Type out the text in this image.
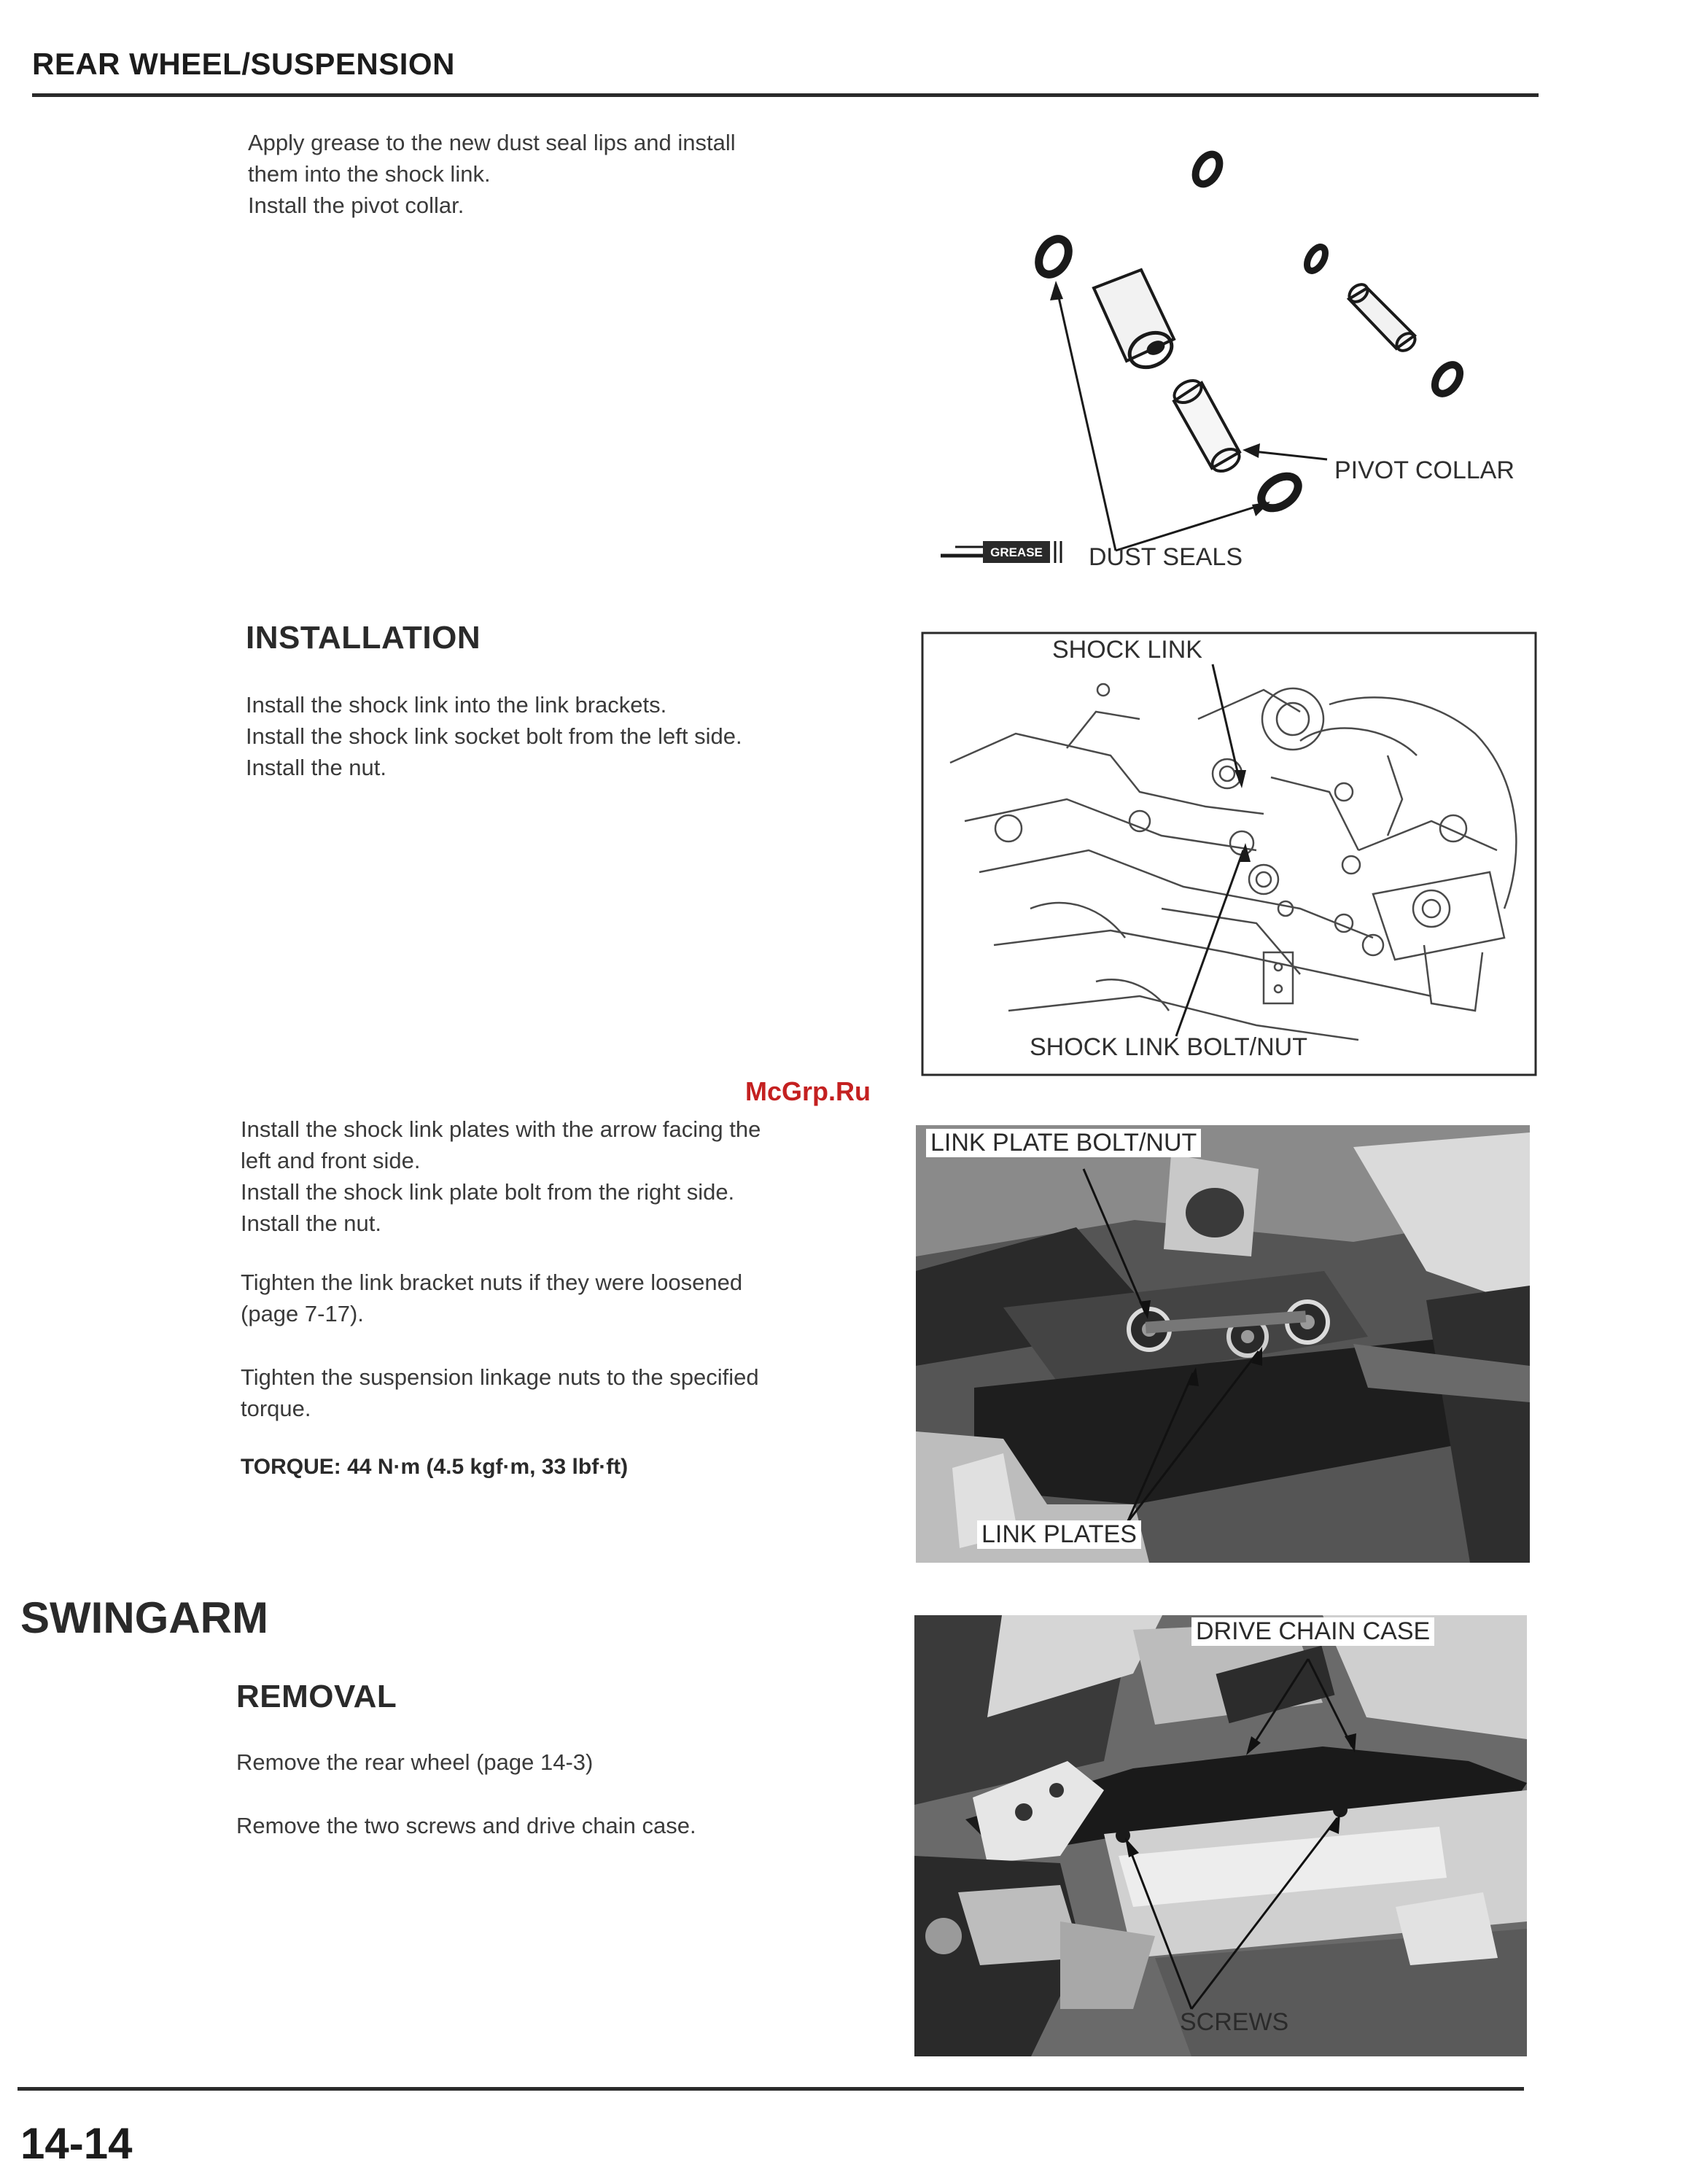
REAR WHEEL/SUSPENSION
McGrp.Ru

Apply grease to the new dust seal lips and install
them into the shock link.
Install the pivot collar.

GREASE
PIVOT COLLAR
DUST SEALS
INSTALLATION

Install the shock link into the link brackets.
Install the shock link socket bolt from the left side.
Install the nut.

SHOCK LINK
SHOCK LINK BOLT/NUT

Install the shock link plates with the arrow facing the
left and front side.
Install the shock link plate bolt from the right side.
Install the nut.

Tighten the link bracket nuts if they were loosened
(page 7-17).

Tighten the suspension linkage nuts to the specified
torque.

TORQUE: 44 N·m (4.5 kgf·m, 33 lbf·ft)
LINK PLATE BOLT/NUT
LINK PLATES
SWINGARM
REMOVAL

Remove the rear wheel (page 14-3)

Remove the two screws and drive chain case.

DRIVE CHAIN CASE
SCREWS
14-14
